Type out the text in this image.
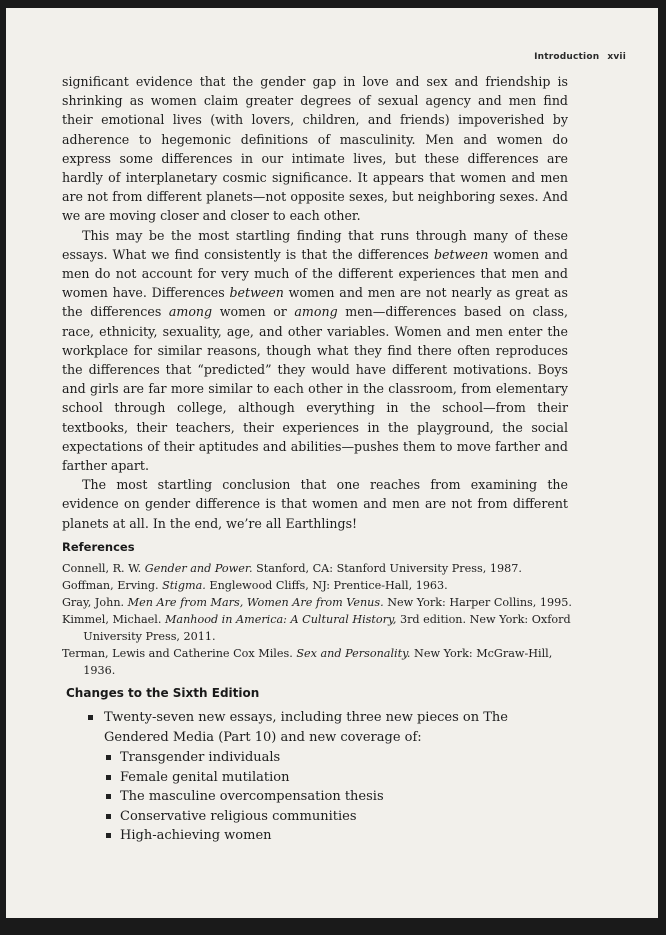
Introduction xvii

significant evidence that the gender gap in love and sex and friendship is shrinking as women claim greater degrees of sexual agency and men find their emotional lives (with lovers, children, and friends) impoverished by adherence to hegemonic definitions of masculinity. Men and women do express some differences in our intimate lives, but these differences are hardly of interplanetary cosmic significance. It appears that women and men are not from different planets—not opposite sexes, but neighboring sexes. And we are moving closer and closer to each other.

This may be the most startling finding that runs through many of these essays. What we find consistently is that the differences between women and men do not account for very much of the different experiences that men and women have. Differences between women and men are not nearly as great as the differences among women or among men—differences based on class, race, ethnicity, sexuality, age, and other variables. Women and men enter the workplace for similar reasons, though what they find there often reproduces the differences that “predicted” they would have different motivations. Boys and girls are far more similar to each other in the classroom, from elementary school through college, although everything in the school—from their textbooks, their teachers, their experiences in the playground, the social expectations of their aptitudes and abilities—pushes them to move farther and farther apart.

The most startling conclusion that one reaches from examining the evidence on gender difference is that women and men are not from different planets at all. In the end, we’re all Earthlings!

References
Connell, R. W. Gender and Power. Stanford, CA: Stanford University Press, 1987.
Goffman, Erving. Stigma. Englewood Cliffs, NJ: Prentice-Hall, 1963.
Gray, John. Men Are from Mars, Women Are from Venus. New York: Harper Collins, 1995.
Kimmel, Michael. Manhood in America: A Cultural History, 3rd edition. New York: Oxford University Press, 2011.
Terman, Lewis and Catherine Cox Miles. Sex and Personality. New York: McGraw-Hill, 1936.
Changes to the Sixth Edition
Twenty-seven new essays, including three new pieces on The Gendered Media (Part 10) and new coverage of:
Transgender individuals
Female genital mutilation
The masculine overcompensation thesis
Conservative religious communities
High-achieving women
